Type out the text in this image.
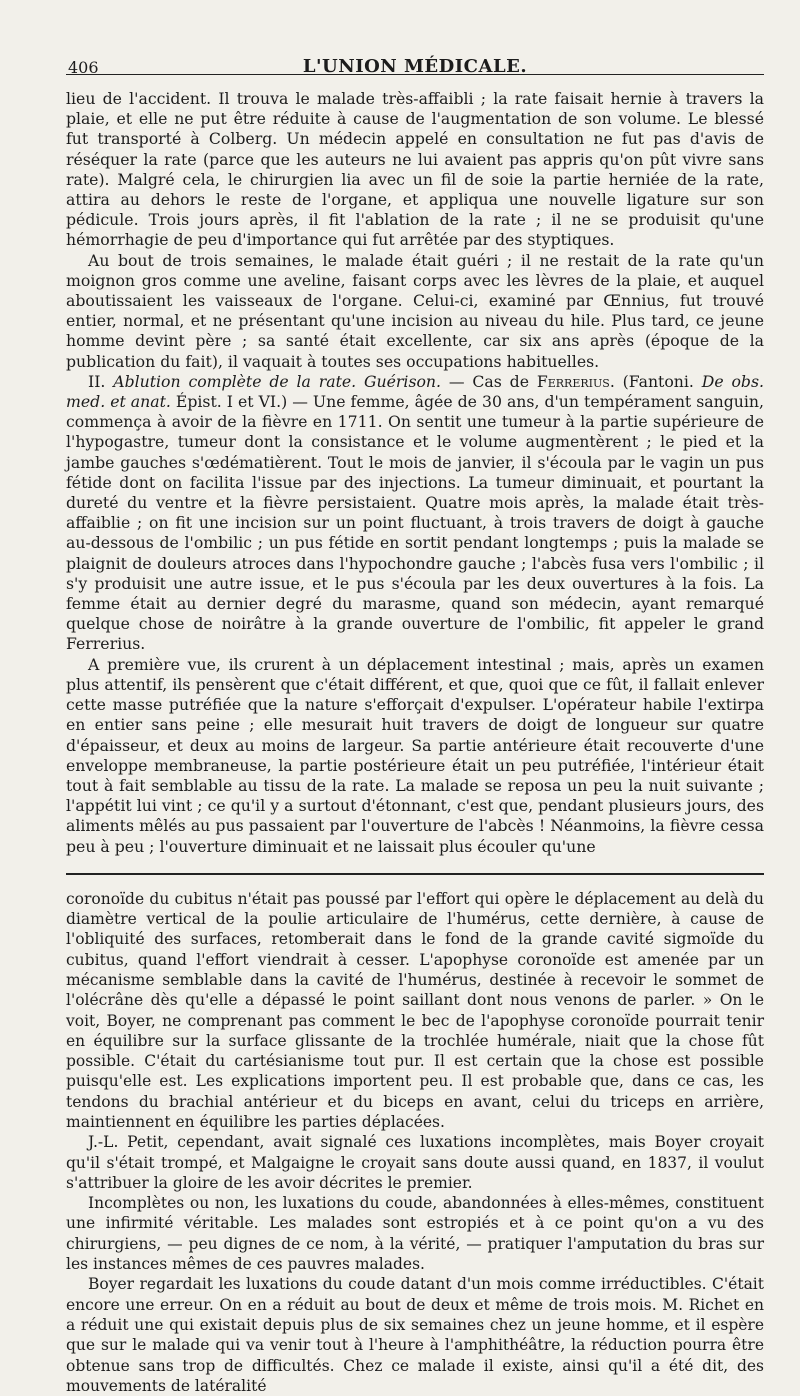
406	L'UNION MÉDICALE.

lieu de l'accident. Il trouva le malade très-affaibli ; la rate faisait hernie à travers la plaie, et elle ne put être réduite à cause de l'augmentation de son volume. Le blessé fut transporté à Colberg. Un médecin appelé en consultation ne fut pas d'avis de réséquer la rate (parce que les auteurs ne lui avaient pas appris qu'on pût vivre sans rate). Malgré cela, le chirurgien lia avec un fil de soie la partie herniée de la rate, attira au dehors le reste de l'organe, et appliqua une nouvelle ligature sur son pédicule. Trois jours après, il fit l'ablation de la rate ; il ne se produisit qu'une hémorrhagie de peu d'importance qui fut arrêtée par des styptiques.

Au bout de trois semaines, le malade était guéri ; il ne restait de la rate qu'un moignon gros comme une aveline, faisant corps avec les lèvres de la plaie, et auquel aboutissaient les vaisseaux de l'organe. Celui-ci, examiné par Œnnius, fut trouvé entier, normal, et ne présentant qu'une incision au niveau du hile. Plus tard, ce jeune homme devint père ; sa santé était excellente, car six ans après (époque de la publication du fait), il vaquait à toutes ses occupations habituelles.

II. Ablution complète de la rate. Guérison. — Cas de Ferrerius. (Fantoni. De obs. med. et anat. Épist. I et VI.) — Une femme, âgée de 30 ans, d'un tempérament sanguin, commença à avoir de la fièvre en 1711. On sentit une tumeur à la partie supérieure de l'hypogastre, tumeur dont la consistance et le volume augmentèrent ; le pied et la jambe gauches s'œdématièrent. Tout le mois de janvier, il s'écoula par le vagin un pus fétide dont on facilita l'issue par des injections. La tumeur diminuait, et pourtant la dureté du ventre et la fièvre persistaient. Quatre mois après, la malade était très-affaiblie ; on fit une incision sur un point fluctuant, à trois travers de doigt à gauche au-dessous de l'ombilic ; un pus fétide en sortit pendant longtemps ; puis la malade se plaignit de douleurs atroces dans l'hypochondre gauche ; l'abcès fusa vers l'ombilic ; il s'y produisit une autre issue, et le pus s'écoula par les deux ouvertures à la fois. La femme était au dernier degré du marasme, quand son médecin, ayant remarqué quelque chose de noirâtre à la grande ouverture de l'ombilic, fit appeler le grand Ferrerius.

A première vue, ils crurent à un déplacement intestinal ; mais, après un examen plus attentif, ils pensèrent que c'était différent, et que, quoi que ce fût, il fallait enlever cette masse putréfiée que la nature s'efforçait d'expulser. L'opérateur habile l'extirpa en entier sans peine ; elle mesurait huit travers de doigt de longueur sur quatre d'épaisseur, et deux au moins de largeur. Sa partie antérieure était recouverte d'une enveloppe membraneuse, la partie postérieure était un peu putréfiée, l'intérieur était tout à fait semblable au tissu de la rate. La malade se reposa un peu la nuit suivante ; l'appétit lui vint ; ce qu'il y a surtout d'étonnant, c'est que, pendant plusieurs jours, des aliments mêlés au pus passaient par l'ouverture de l'abcès ! Néanmoins, la fièvre cessa peu à peu ; l'ouverture diminuait et ne laissait plus écouler qu'une

coronoïde du cubitus n'était pas poussé par l'effort qui opère le déplacement au delà du diamètre vertical de la poulie articulaire de l'humérus, cette dernière, à cause de l'obliquité des surfaces, retomberait dans le fond de la grande cavité sigmoïde du cubitus, quand l'effort viendrait à cesser. L'apophyse coronoïde est amenée par un mécanisme semblable dans la cavité de l'humérus, destinée à recevoir le sommet de l'olécrâne dès qu'elle a dépassé le point saillant dont nous venons de parler. » On le voit, Boyer, ne comprenant pas comment le bec de l'apophyse coronoïde pourrait tenir en équilibre sur la surface glissante de la trochlée humérale, niait que la chose fût possible. C'était du cartésianisme tout pur. Il est certain que la chose est possible puisqu'elle est. Les explications importent peu. Il est probable que, dans ce cas, les tendons du brachial antérieur et du biceps en avant, celui du triceps en arrière, maintiennent en équilibre les parties déplacées.

J.-L. Petit, cependant, avait signalé ces luxations incomplètes, mais Boyer croyait qu'il s'était trompé, et Malgaigne le croyait sans doute aussi quand, en 1837, il voulut s'attribuer la gloire de les avoir décrites le premier.

Incomplètes ou non, les luxations du coude, abandonnées à elles-mêmes, constituent une infirmité véritable. Les malades sont estropiés et à ce point qu'on a vu des chirurgiens, — peu dignes de ce nom, à la vérité, — pratiquer l'amputation du bras sur les instances mêmes de ces pauvres malades.

Boyer regardait les luxations du coude datant d'un mois comme irréductibles. C'était encore une erreur. On en a réduit au bout de deux et même de trois mois. M. Richet en a réduit une qui existait depuis plus de six semaines chez un jeune homme, et il espère que sur le malade qui va venir tout à l'heure à l'amphithéâtre, la réduction pourra être obtenue sans trop de difficultés. Chez ce malade il existe, ainsi qu'il a été dit, des mouvements de latéralité
